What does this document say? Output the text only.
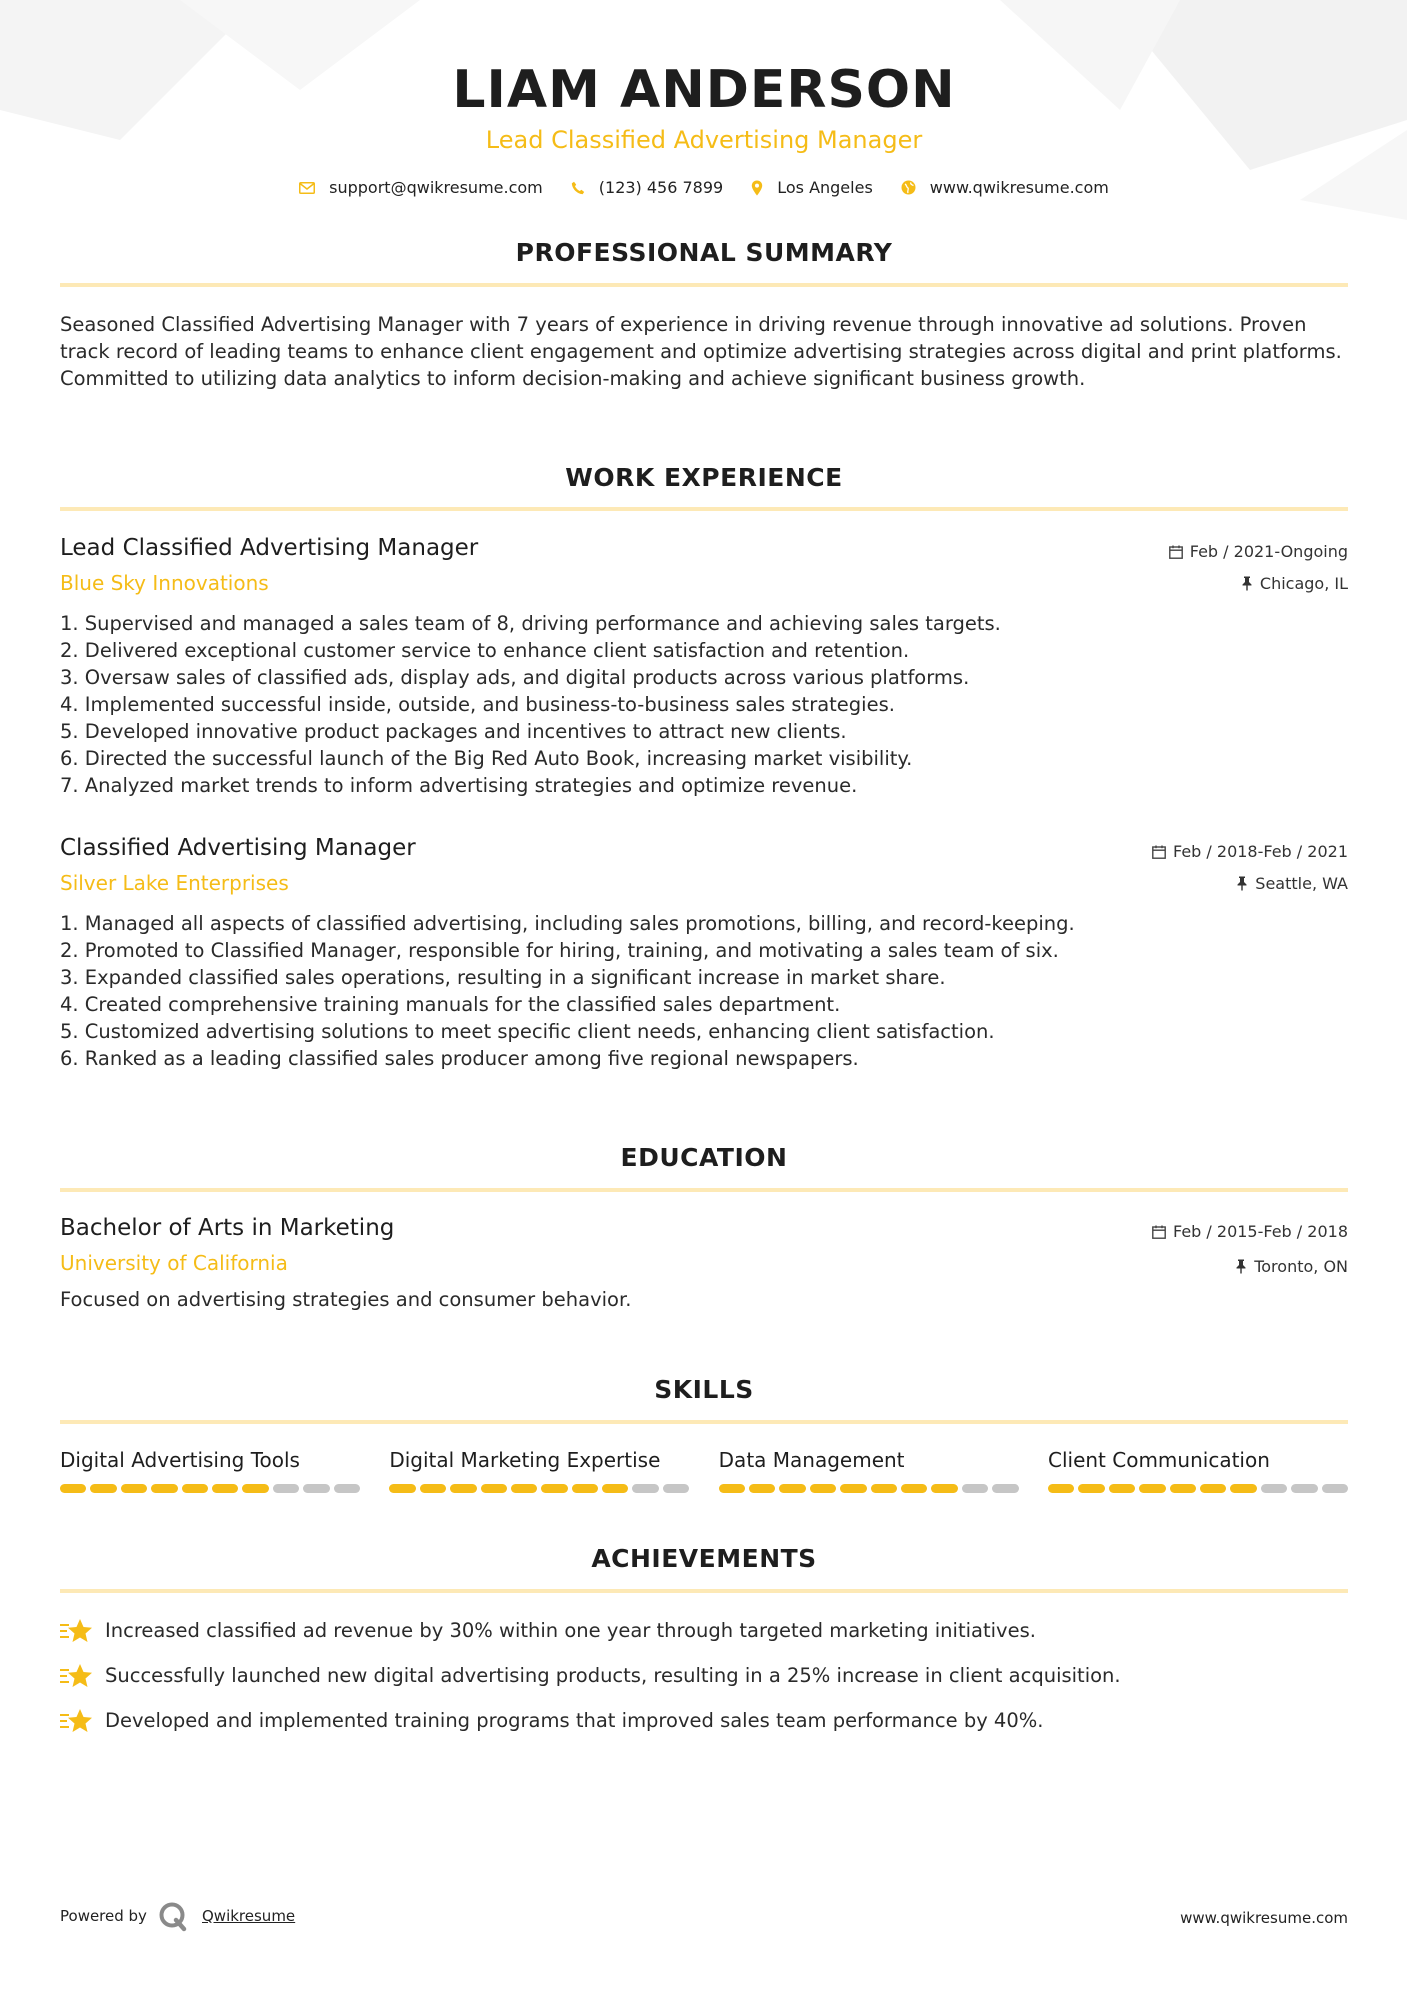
LIAM ANDERSON
Lead Classified Advertising Manager
support@qwikresume.com	(123) 456 7899	Los Angeles	www.qwikresume.com
PROFESSIONAL SUMMARY
Seasoned Classified Advertising Manager with 7 years of experience in driving revenue through innovative ad solutions. Proven track record of leading teams to enhance client engagement and optimize advertising strategies across digital and print platforms. Committed to utilizing data analytics to inform decision-making and achieve significant business growth.
WORK EXPERIENCE
Lead Classified Advertising Manager
Blue Sky Innovations
Feb / 2021-Ongoing
Chicago, IL
1. Supervised and managed a sales team of 8, driving performance and achieving sales targets.
2. Delivered exceptional customer service to enhance client satisfaction and retention.
3. Oversaw sales of classified ads, display ads, and digital products across various platforms.
4. Implemented successful inside, outside, and business-to-business sales strategies.
5. Developed innovative product packages and incentives to attract new clients.
6. Directed the successful launch of the Big Red Auto Book, increasing market visibility.
7. Analyzed market trends to inform advertising strategies and optimize revenue.
Classified Advertising Manager
Silver Lake Enterprises
Feb / 2018-Feb / 2021
Seattle, WA
1. Managed all aspects of classified advertising, including sales promotions, billing, and record-keeping.
2. Promoted to Classified Manager, responsible for hiring, training, and motivating a sales team of six.
3. Expanded classified sales operations, resulting in a significant increase in market share.
4. Created comprehensive training manuals for the classified sales department.
5. Customized advertising solutions to meet specific client needs, enhancing client satisfaction.
6. Ranked as a leading classified sales producer among five regional newspapers.
EDUCATION
Bachelor of Arts in Marketing
University of California
Feb / 2015-Feb / 2018
Toronto, ON
Focused on advertising strategies and consumer behavior.
SKILLS
Digital Advertising Tools	Digital Marketing Expertise	Data Management	Client Communication
ACHIEVEMENTS
Increased classified ad revenue by 30% within one year through targeted marketing initiatives.
Successfully launched new digital advertising products, resulting in a 25% increase in client acquisition.
Developed and implemented training programs that improved sales team performance by 40%.
Powered by	Qwikresume	www.qwikresume.com
